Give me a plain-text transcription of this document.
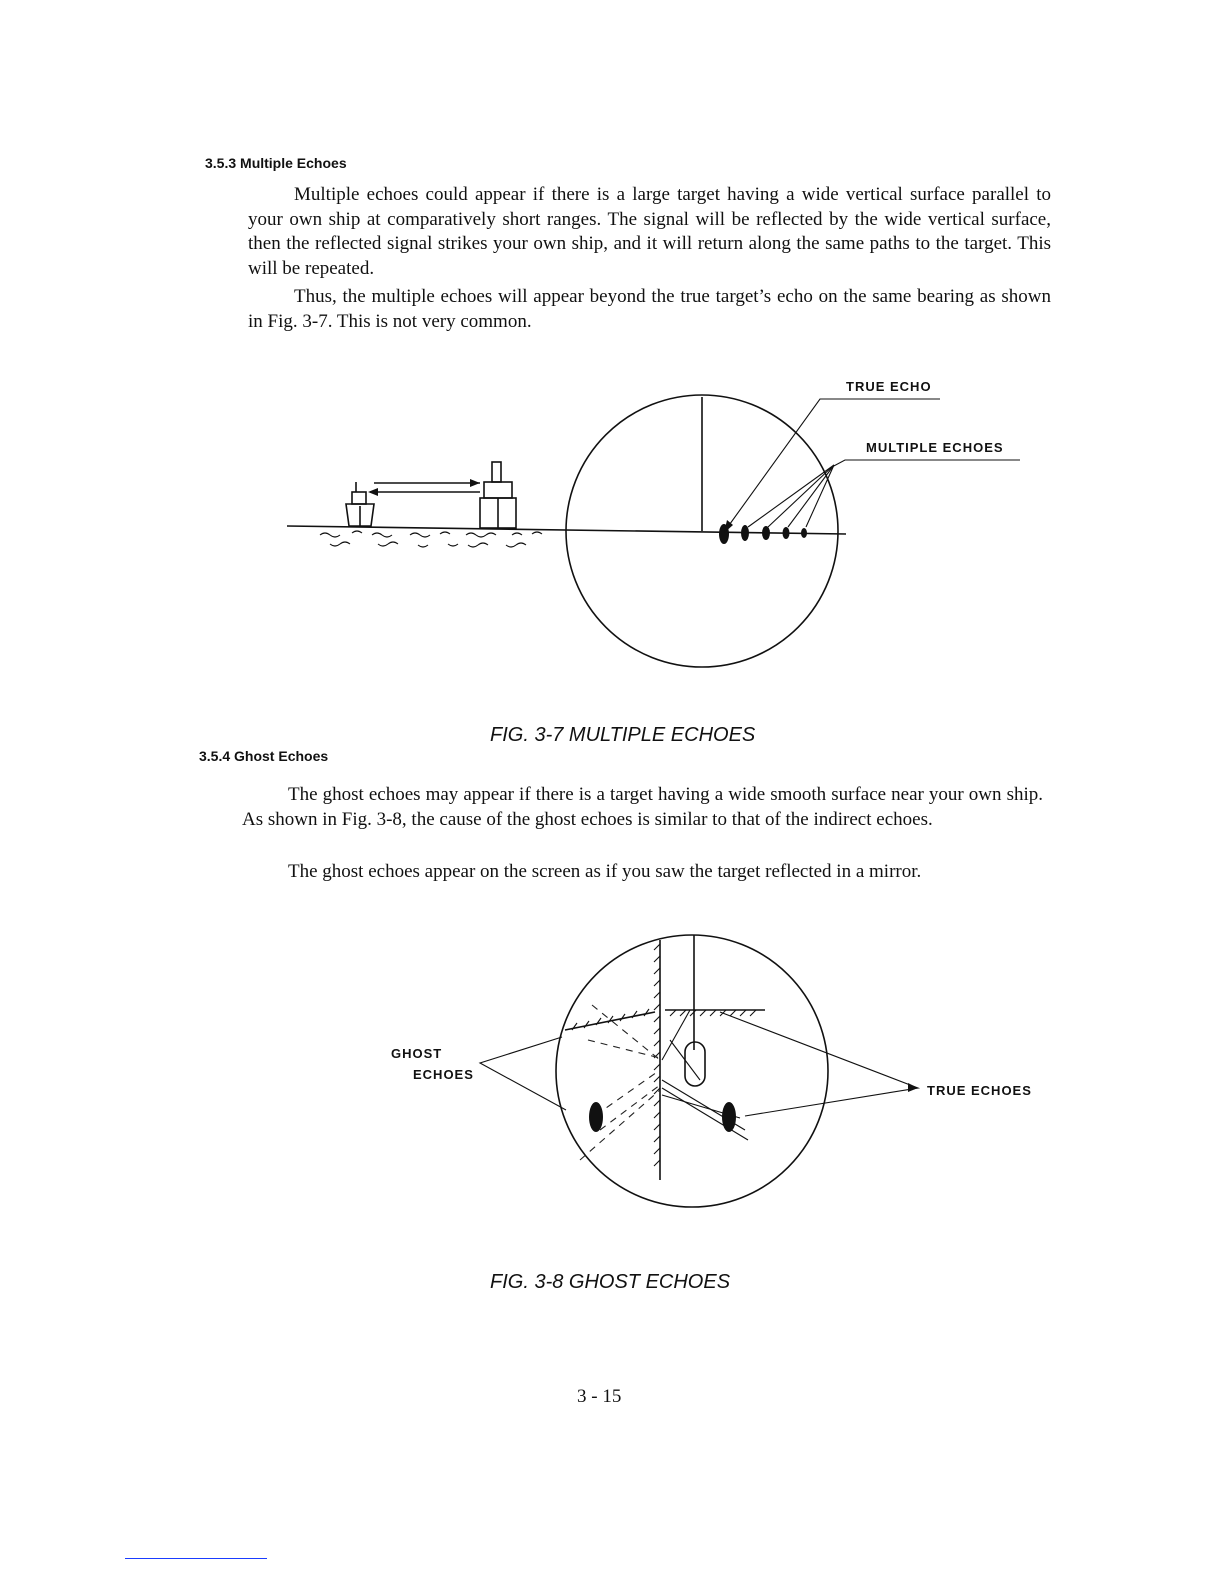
3.5.3 Multiple Echoes
Multiple echoes could appear if there is a large target having a wide vertical surface parallel to your own ship at comparatively short ranges. The signal will be reflected by the wide vertical surface, then the reflected signal strikes your own ship, and it will return along the same paths to the target. This will be repeated.
Thus, the multiple echoes will appear beyond the true target’s echo on the same bearing as shown in Fig. 3-7. This is not very common.
TRUE ECHO
MULTIPLE ECHOES
FIG. 3-7 MULTIPLE ECHOES
3.5.4 Ghost Echoes
The ghost echoes may appear if there is a target having a wide smooth surface near your own ship. As shown in Fig. 3-8, the cause of the ghost echoes is similar to that of the indirect echoes.
The ghost echoes appear on the screen as if you saw the target reflected in a mirror.
GHOST
ECHOES
TRUE ECHOES
FIG. 3-8 GHOST ECHOES
3 - 15
